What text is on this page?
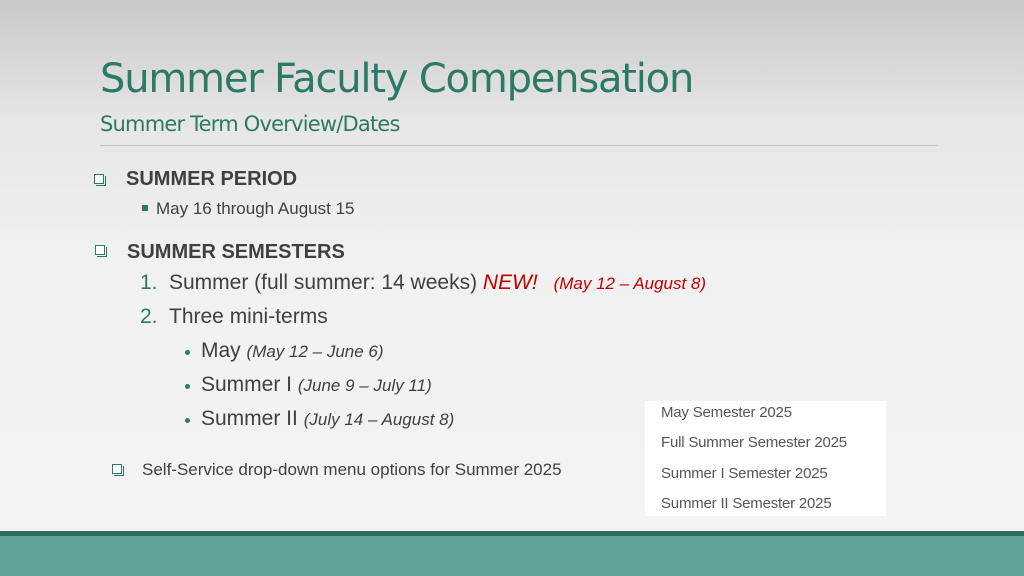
Summer Faculty Compensation
Summer Term Overview/Dates
SUMMER PERIOD
May 16 through August 15
SUMMER SEMESTERS
1. Summer (full summer: 14 weeks) NEW! (May 12 – August 8)
2. Three mini-terms
May (May 12 – June 6)
Summer I (June 9 – July 11)
Summer II (July 14 – August 8)
Self-Service drop-down menu options for Summer 2025
May Semester 2025
Full Summer Semester 2025
Summer I Semester 2025
Summer II Semester 2025
